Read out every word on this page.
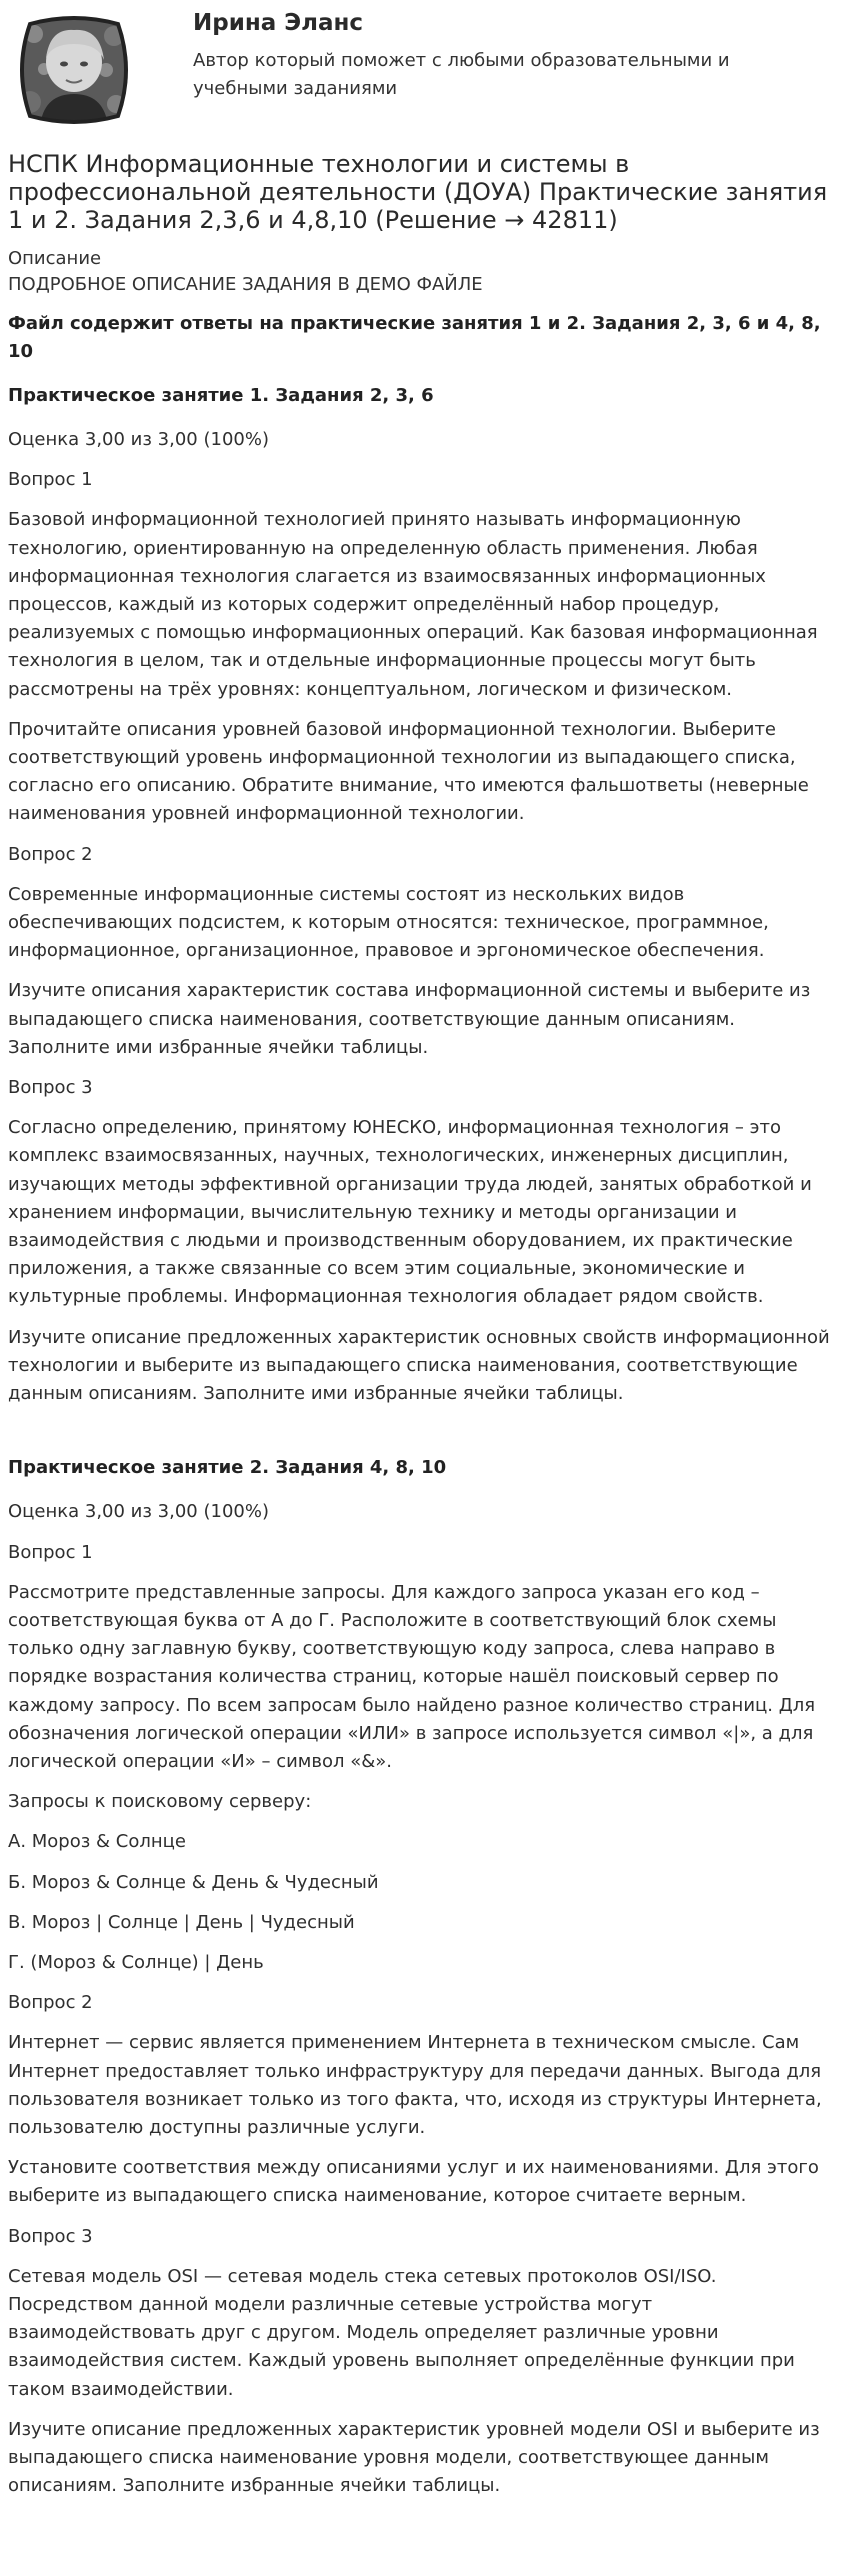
Ирина Эланс

Автор который поможет с любыми образовательными и учебными заданиями

НСПК Информационные технологии и системы в профессиональной деятельности (ДОУА) Практические занятия 1 и 2. Задания 2,3,6 и 4,8,10 (Решение → 42811)

Описание

ПОДРОБНОЕ ОПИСАНИЕ ЗАДАНИЯ В ДЕМО ФАЙЛЕ

Файл содержит ответы на практические занятия 1 и 2. Задания 2, 3, 6 и 4, 8, 10

Практическое занятие 1. Задания 2, 3, 6

Оценка 3,00 из 3,00 (100%)

Вопрос 1

Базовой информационной технологией принято называть информационную технологию, ориентированную на определенную область применения. Любая информационная технология слагается из взаимосвязанных информационных процессов, каждый из которых содержит определённый набор процедур, реализуемых с помощью информационных операций. Как базовая информационная технология в целом, так и отдельные информационные процессы могут быть рассмотрены на трёх уровнях: концептуальном, логическом и физическом.

Прочитайте описания уровней базовой информационной технологии. Выберите соответствующий уровень информационной технологии из выпадающего списка, согласно его описанию. Обратите внимание, что имеются фальшответы (неверные наименования уровней информационной технологии.

Вопрос 2

Современные информационные системы состоят из нескольких видов обеспечивающих подсистем, к которым относятся: техническое, программное, информационное, организационное, правовое и эргономическое обеспечения.

Изучите описания характеристик состава информационной системы и выберите из выпадающего списка наименования, соответствующие данным описаниям. Заполните ими избранные ячейки таблицы.

Вопрос 3

Согласно определению, принятому ЮНЕСКО, информационная технология – это комплекс взаимосвязанных, научных, технологических, инженерных дисциплин, изучающих методы эффективной организации труда людей, занятых обработкой и хранением информации, вычислительную технику и методы организации и взаимодействия с людьми и производственным оборудованием, их практические приложения, а также связанные со всем этим социальные, экономические и культурные проблемы. Информационная технология обладает рядом свойств.

Изучите описание предложенных характеристик основных свойств информационной технологии и выберите из выпадающего списка наименования, соответствующие данным описаниям. Заполните ими избранные ячейки таблицы.

Практическое занятие 2. Задания 4, 8, 10

Оценка 3,00 из 3,00 (100%)

Вопрос 1

Рассмотрите представленные запросы. Для каждого запроса указан его код – соответствующая буква от А до Г. Расположите в соответствующий блок схемы только одну заглавную букву, соответствующую коду запроса, слева направо в порядке возрастания количества страниц, которые нашёл поисковый сервер по каждому запросу. По всем запросам было найдено разное количество страниц. Для обозначения логической операции «ИЛИ» в запросе используется символ «|», а для логической операции «И» – символ «&».

Запросы к поисковому серверу:

А. Мороз & Солнце

Б. Мороз & Солнце & День & Чудесный

В. Мороз | Солнце | День | Чудесный

Г. (Мороз & Солнце) | День

Вопрос 2

Интернет — сервис является применением Интернета в техническом смысле. Сам Интернет предоставляет только инфраструктуру для передачи данных. Выгода для пользователя возникает только из того факта, что, исходя из структуры Интернета, пользователю доступны различные услуги.

Установите соответствия между описаниями услуг и их наименованиями. Для этого выберите из выпадающего списка наименование, которое считаете верным.

Вопрос 3

Сетевая модель OSI — сетевая модель стека сетевых протоколов OSI/ISO. Посредством данной модели различные сетевые устройства могут взаимодействовать друг с другом. Модель определяет различные уровни взаимодействия систем. Каждый уровень выполняет определённые функции при таком взаимодействии.

Изучите описание предложенных характеристик уровней модели OSI и выберите из выпадающего списка наименование уровня модели, соответствующее данным описаниям. Заполните избранные ячейки таблицы.
